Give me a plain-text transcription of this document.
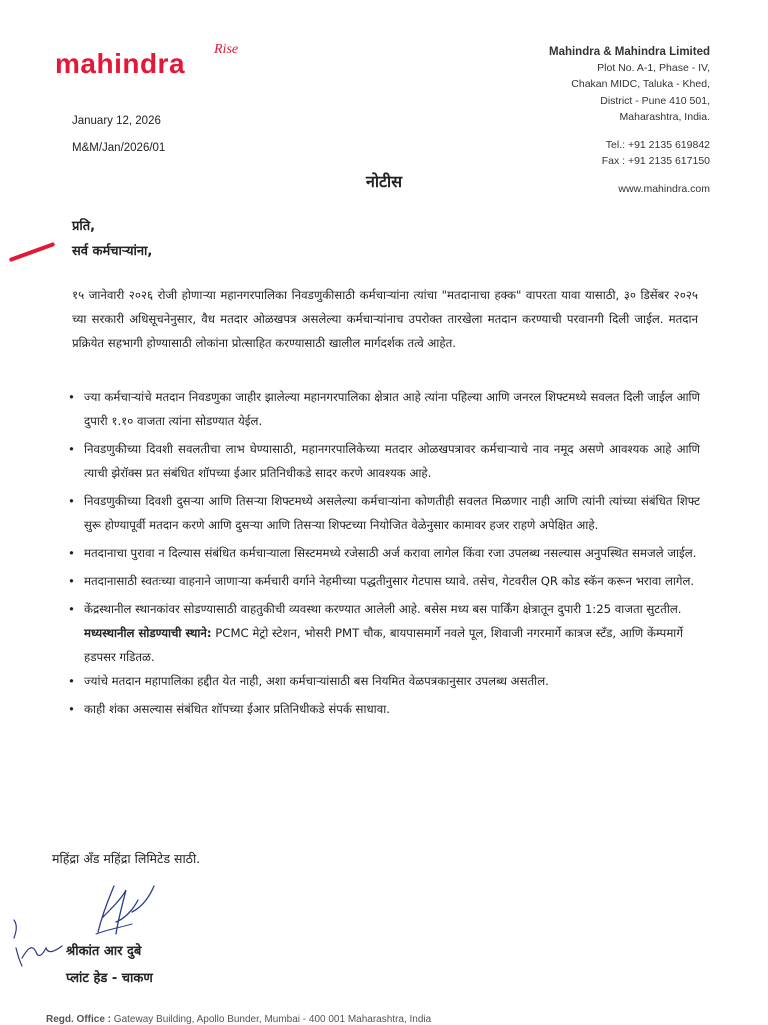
mahindra Rise	Mahindra & Mahindra Limited
Plot No. A-1, Phase - IV,
Chakan MIDC, Taluka - Khed,
District - Pune 410 501,
Maharashtra, India.
Tel.: +91 2135 619842
Fax : +91 2135 617150
www.mahindra.com
January 12, 2026
M&M/Jan/2026/01
नोटीस
प्रति,
सर्व कर्मचाऱ्यांना,
१५ जानेवारी २०२६ रोजी होणाऱ्या महानगरपालिका निवडणुकीसाठी कर्मचाऱ्यांना त्यांचा "मतदानाचा हक्क" वापरता यावा यासाठी, ३० डिसेंबर २०२५ च्या सरकारी अधिसूचनेनुसार, वैध मतदार ओळखपत्र असलेल्या कर्मचाऱ्यांनाच उपरोक्त तारखेला मतदान करण्याची परवानगी दिली जाईल. मतदान प्रक्रियेत सहभागी होण्यासाठी लोकांना प्रोत्साहित करण्यासाठी खालील मार्गदर्शक तत्वे आहेत.
• ज्या कर्मचाऱ्यांचे मतदान निवडणुका जाहीर झालेल्या महानगरपालिका क्षेत्रात आहे त्यांना पहिल्या आणि जनरल शिफ्टमध्ये सवलत दिली जाईल आणि दुपारी १.१० वाजता त्यांना सोडण्यात येईल.
• निवडणुकीच्या दिवशी सवलतीचा लाभ घेण्यासाठी, महानगरपालिकेच्या मतदार ओळखपत्रावर कर्मचाऱ्याचे नाव नमूद असणे आवश्यक आहे आणि त्याची झेरॉक्स प्रत संबंधित शॉपच्या ईआर प्रतिनिधीकडे सादर करणे आवश्यक आहे.
• निवडणुकीच्या दिवशी दुसऱ्या आणि तिसऱ्या शिफ्टमध्ये असलेल्या कर्मचाऱ्यांना कोणतीही सवलत मिळणार नाही आणि त्यांनी त्यांच्या संबंधित शिफ्ट सुरू होण्यापूर्वी मतदान करणे आणि दुसऱ्या आणि तिसऱ्या शिफ्टच्या नियोजित वेळेनुसार कामावर हजर राहणे अपेक्षित आहे.
• मतदानाचा पुरावा न दिल्यास संबंधित कर्मचाऱ्याला सिस्टममध्ये रजेसाठी अर्ज करावा लागेल किंवा रजा उपलब्ध नसल्यास अनुपस्थित समजले जाईल.
• मतदानासाठी स्वतःच्या वाहनाने जाणाऱ्या कर्मचारी वर्गाने नेहमीच्या पद्धतीनुसार गेटपास घ्यावे. तसेच, गेटवरील QR कोड स्कॅन करून भरावा लागेल.
• केंद्रस्थानील स्थानकांवर सोडण्यासाठी वाहतुकीची व्यवस्था करण्यात आलेली आहे. बसेस मध्य बस पार्किंग क्षेत्रातून दुपारी 1:25 वाजता सुटतील.
मध्यस्थानील सोडण्याची स्थाने: PCMC मेट्रो स्टेशन, भोसरी PMT चौक, बायपासमार्गे नवले पूल, शिवाजी नगरमार्गे कात्रज स्टँड, आणि केंम्पमार्गे हडपसर गडितळ.
• ज्यांचे मतदान महापालिका हद्दीत येत नाही, अशा कर्मचाऱ्यांसाठी बस नियमित वेळपत्रकानुसार उपलब्ध असतील.
• काही शंका असल्यास संबंधित शॉपच्या ईआर प्रतिनिधीकडे संपर्क साधावा.
महिंद्रा अँड महिंद्रा लिमिटेड साठी.
श्रीकांत आर दुबे
प्लांट हेड - चाकण
Regd. Office : Gateway Building, Apollo Bunder, Mumbai - 400 001 Maharashtra, India
